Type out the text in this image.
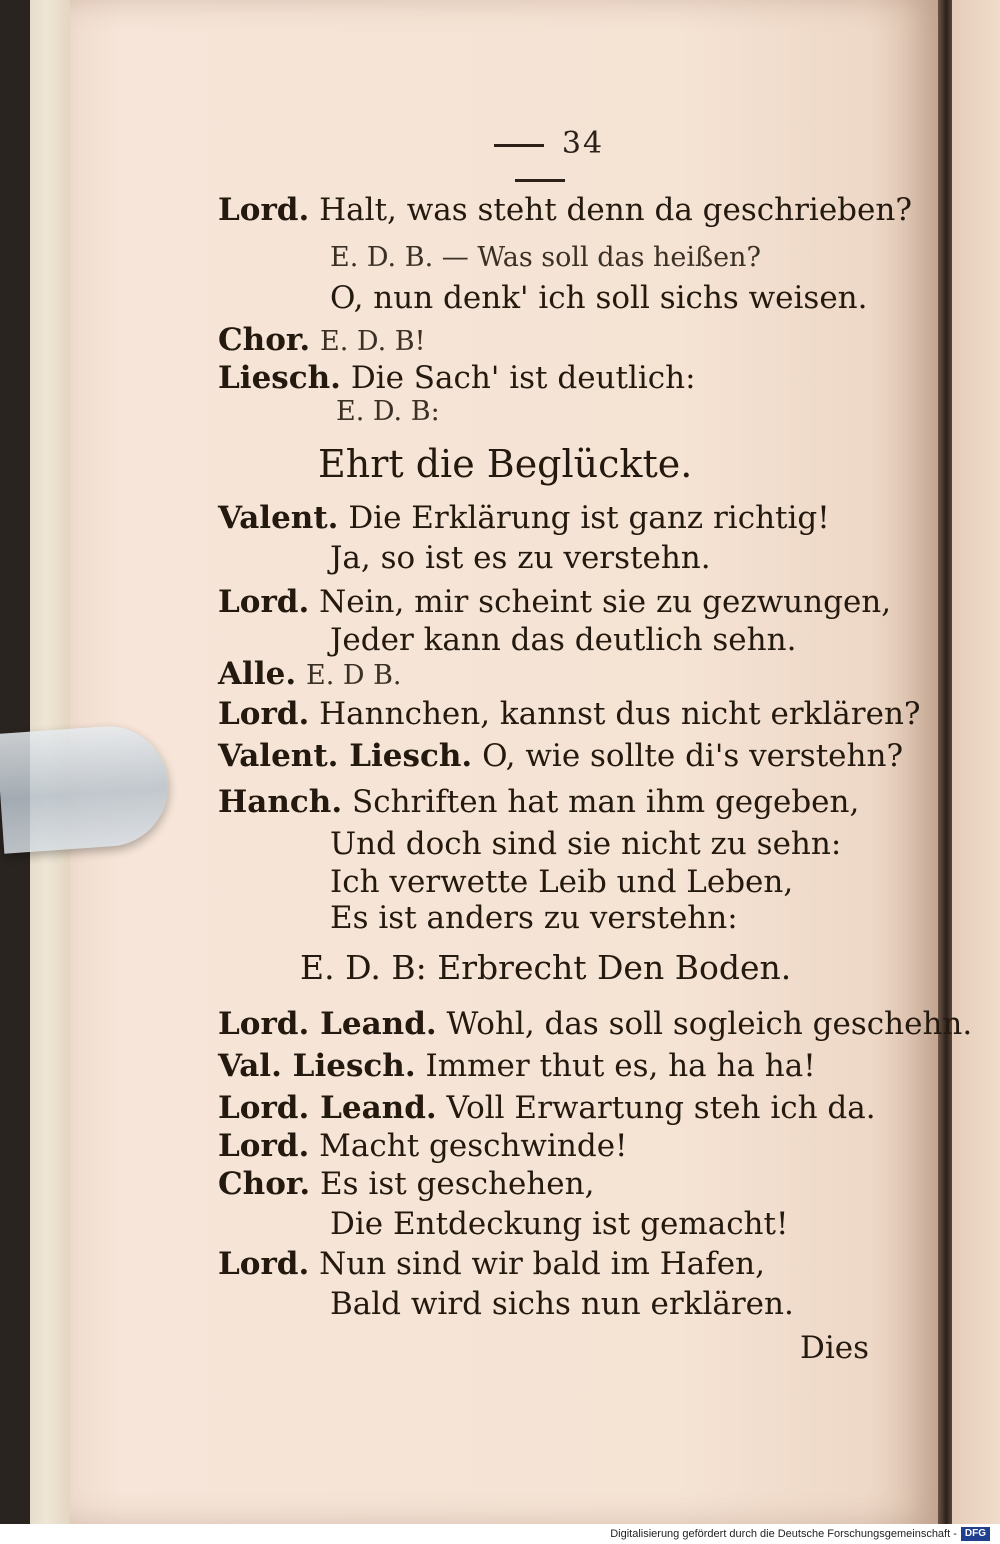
34
Lord. Halt, was steht denn da geschrieben?
E. D. B. — Was soll das heißen?
O, nun denk' ich soll sichs weisen.
Chor. E. D. B!
Liesch. Die Sach' ist deutlich:
E. D. B:
Ehrt die Beglückte.
Valent. Die Erklärung ist ganz richtig!
Ja, so ist es zu verstehn.
Lord. Nein, mir scheint sie zu gezwungen,
Jeder kann das deutlich sehn.
Alle. E. D B.
Lord. Hannchen, kannst dus nicht erklären?
Valent. Liesch. O, wie sollte di's verstehn?
Hanch. Schriften hat man ihm gegeben,
Und doch sind sie nicht zu sehn:
Ich verwette Leib und Leben,
Es ist anders zu verstehn:
E. D. B: Erbrecht Den Boden.
Lord. Leand. Wohl, das soll sogleich geschehn.
Val. Liesch. Immer thut es, ha ha ha!
Lord. Leand. Voll Erwartung steh ich da.
Lord. Macht geschwinde!
Chor. Es ist geschehen,
Die Entdeckung ist gemacht!
Lord. Nun sind wir bald im Hafen,
Bald wird sichs nun erklären.
Dies
Digitalisierung gefördert durch die Deutsche Forschungsgemeinschaft - DFG
